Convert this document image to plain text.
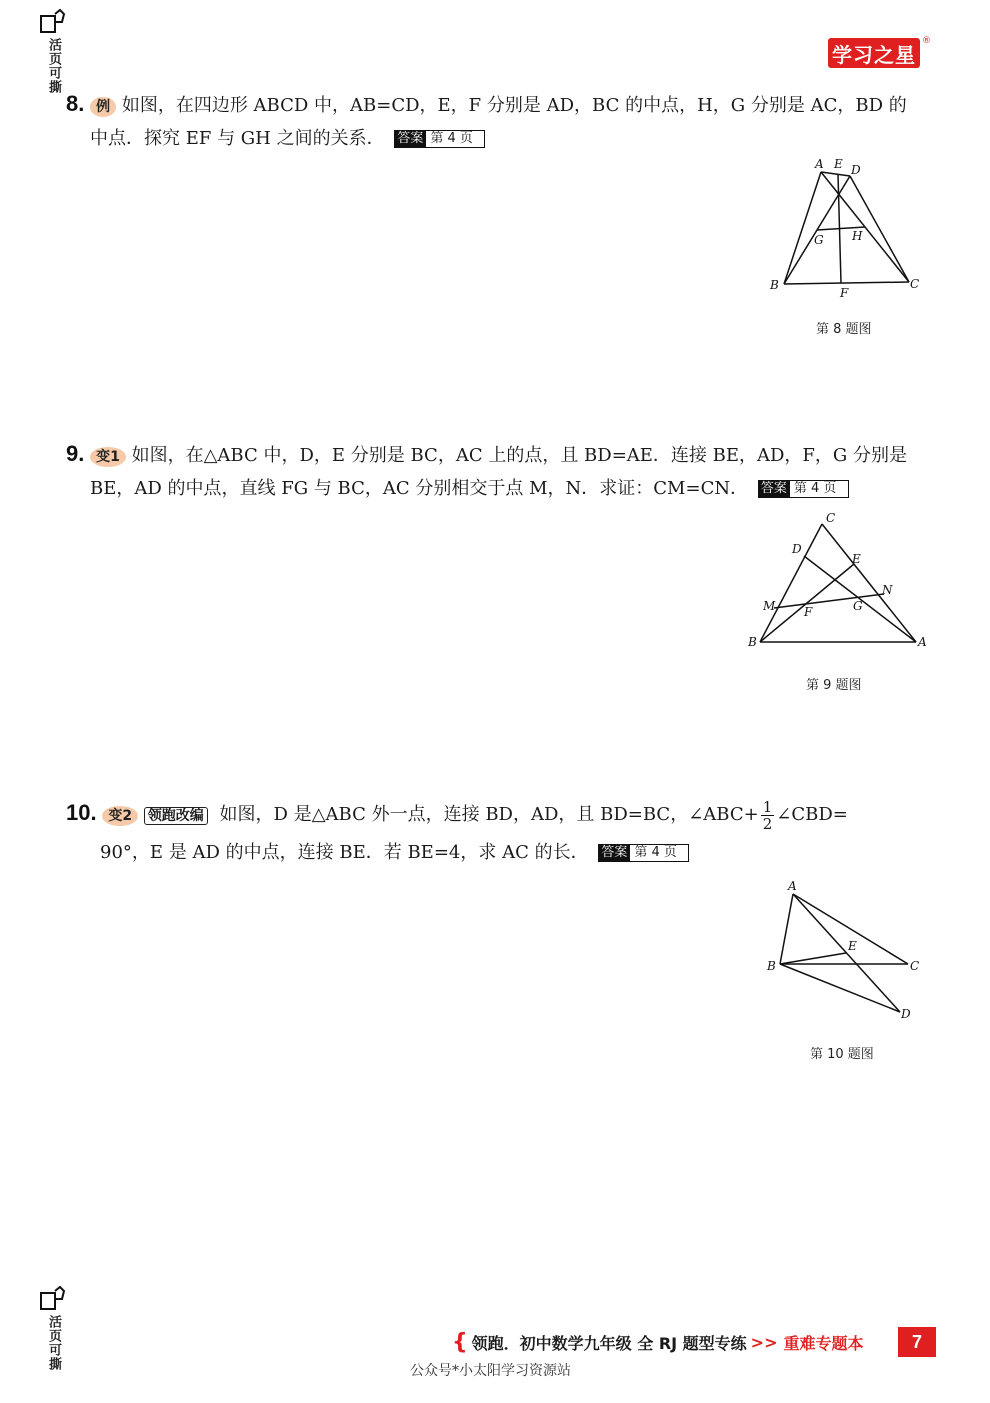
活页可撕
活页可撕
学习之星
®
8. 例 如图，在四边形 ABCD 中，AB=CD，E，F 分别是 AD，BC 的中点，H，G 分别是 AC，BD 的
中点．探究 EF 与 GH 之间的关系． 答案 第 4 页
A E D
G H
B
F
C
第 8 题图
9. 变1 如图，在△ABC 中，D，E 分别是 BC，AC 上的点，且 BD=AE．连接 BE，AD，F，G 分别是
BE，AD 的中点，直线 FG 与 BC，AC 分别相交于点 M，N．求证：CM=CN． 答案 第 4 页
C
D
E
N
M F	G
B	A
第 9 题图
10. 变2 领跑改编 如图，D 是△ABC 外一点，连接 BD，AD，且 BD=BC，∠ABC+ $\frac{1}{2}$ ∠CBD=
90°，E 是 AD 的中点，连接 BE．若 BE=4，求 AC 的长． 答案 第 4 页
A
E
B	C
D
第 10 题图
{ 领跑．初中数学九年级 全 RJ 题型专练 >> 重难专题本	7
公众号*小太阳学习资源站
